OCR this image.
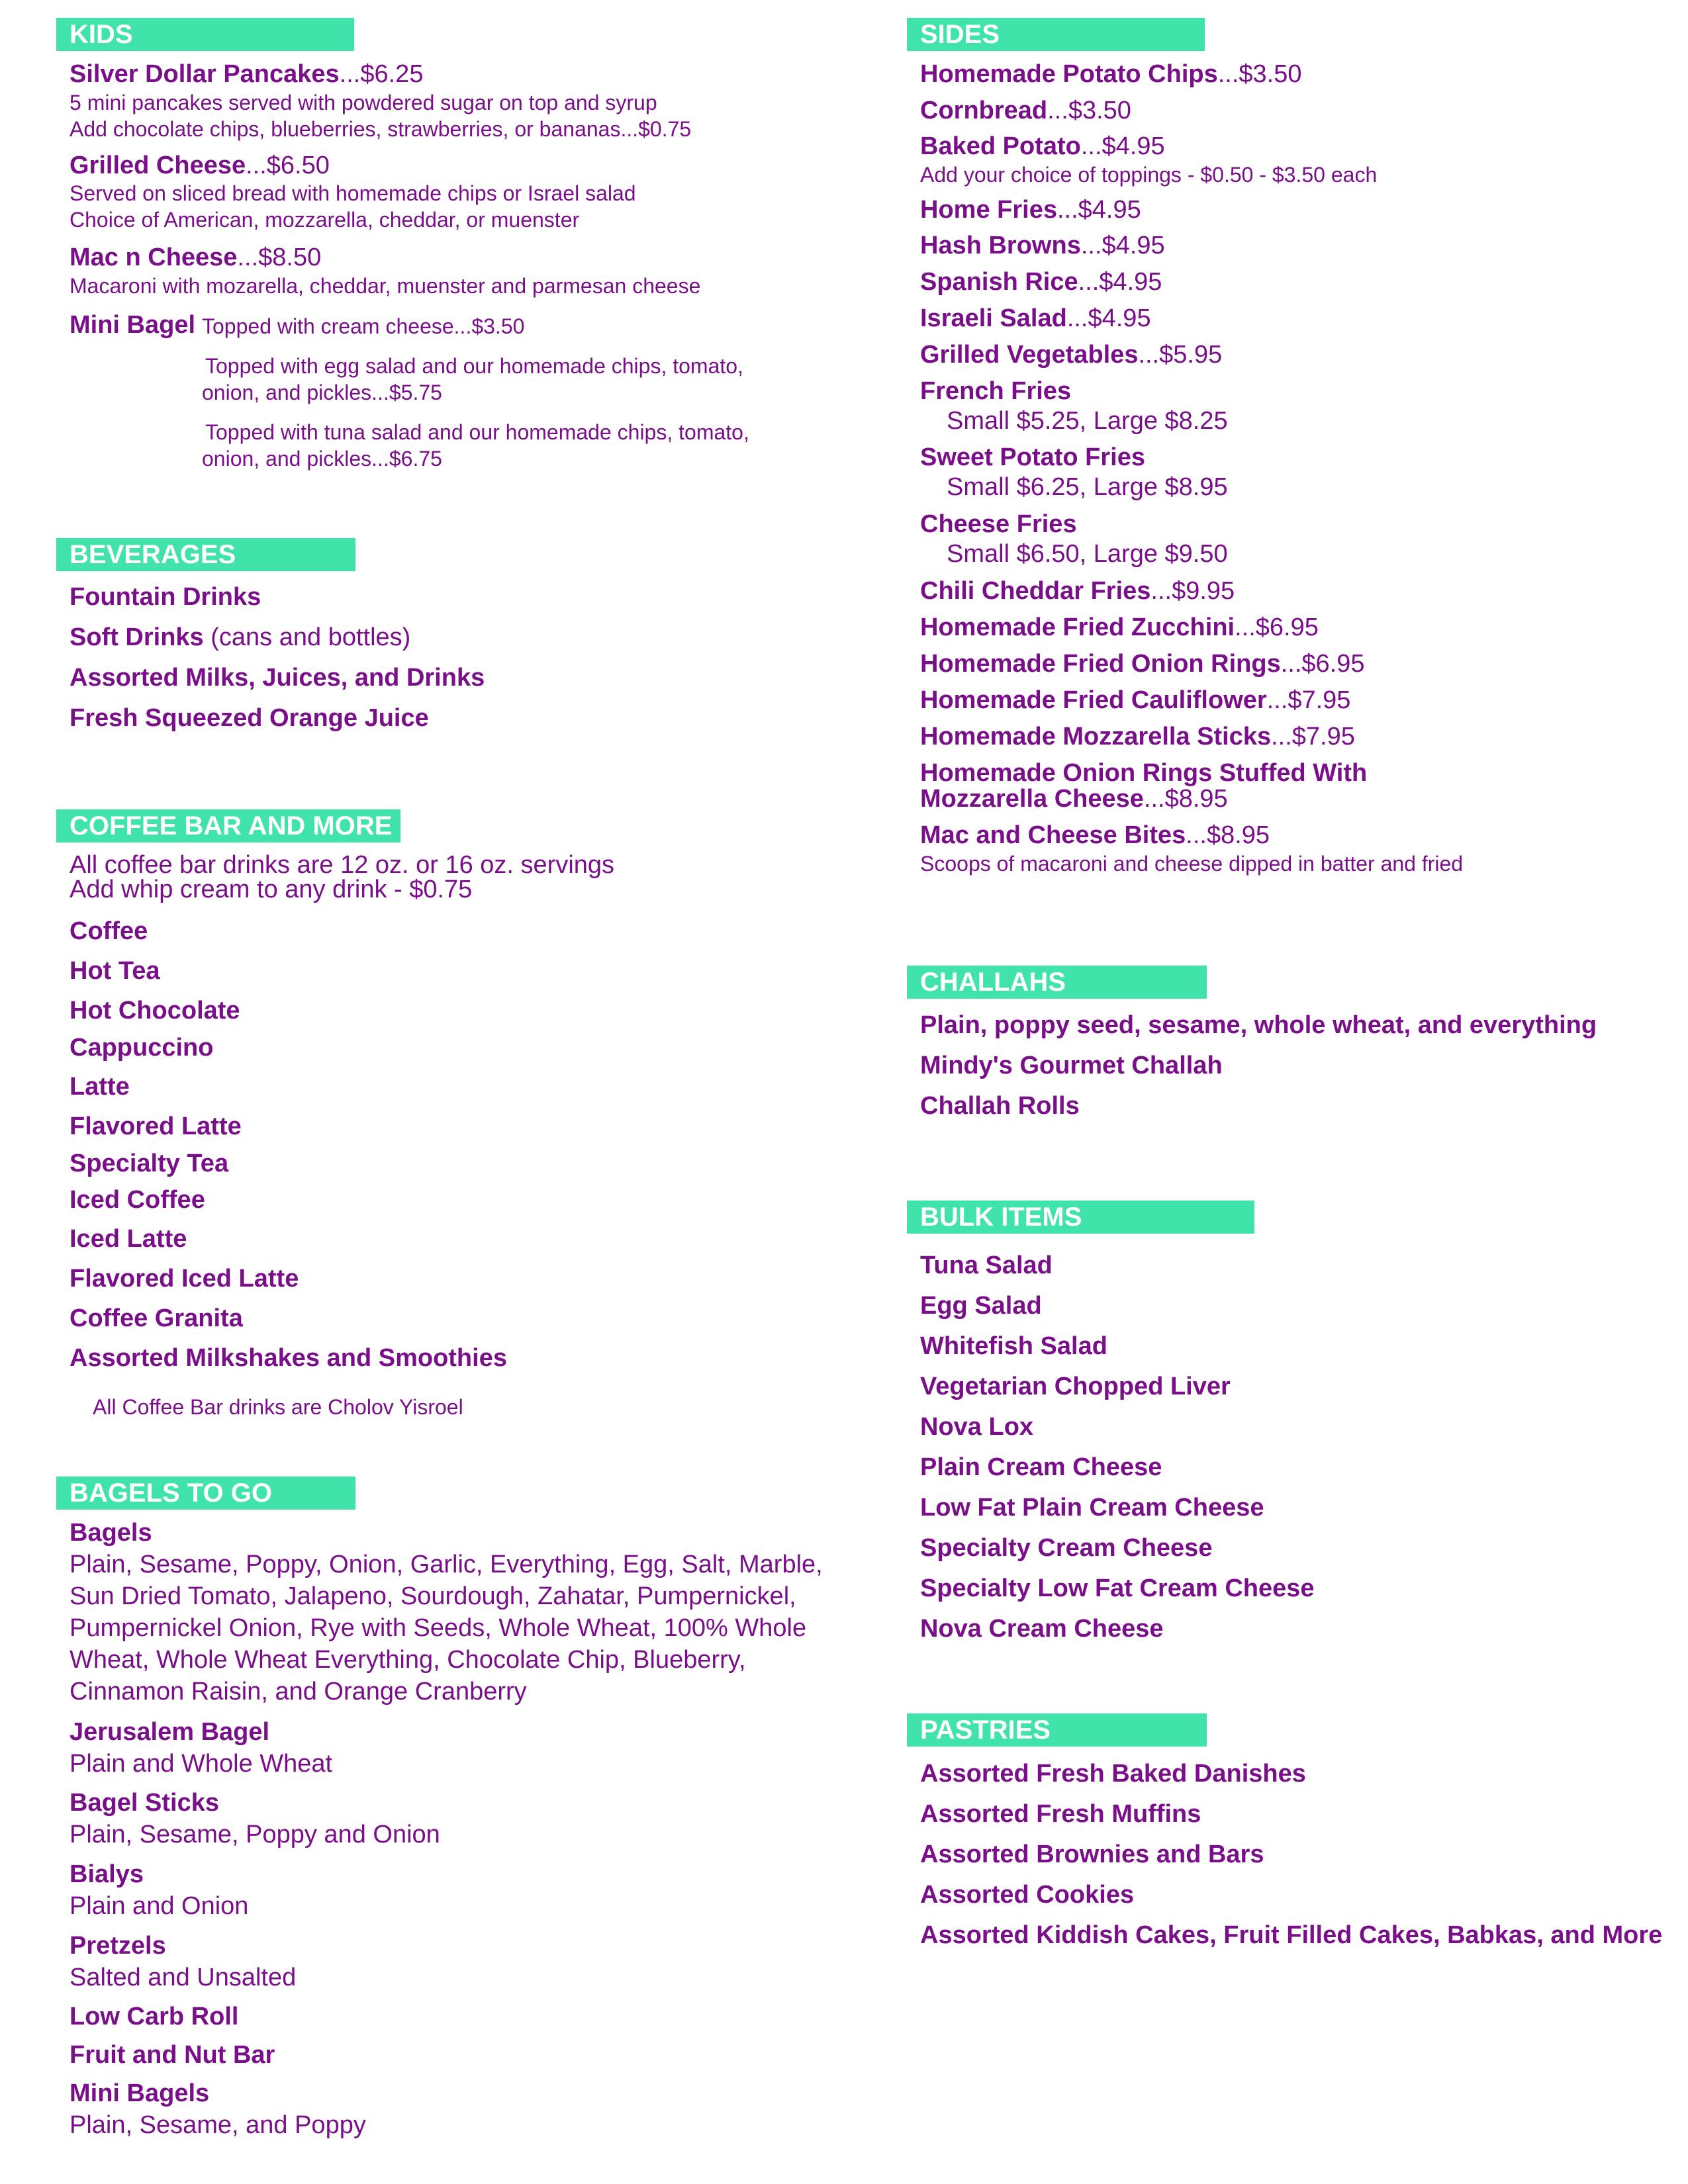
KIDS
Silver Dollar Pancakes...$6.25
5 mini pancakes served with powdered sugar on top and syrup
Add chocolate chips, blueberries, strawberries, or bananas...$0.75
Grilled Cheese...$6.50
Served on sliced bread with homemade chips or Israel salad
Choice of American, mozzarella, cheddar, or muenster
Mac n Cheese...$8.50
Macaroni with mozarella, cheddar, muenster and parmesan cheese
Mini Bagel Topped with cream cheese...$3.50
Topped with egg salad and our homemade chips, tomato,
onion, and pickles...$5.75
Topped with tuna salad and our homemade chips, tomato,
onion, and pickles...$6.75
BEVERAGES
Fountain Drinks
Soft Drinks (cans and bottles)
Assorted Milks, Juices, and Drinks
Fresh Squeezed Orange Juice
COFFEE BAR AND MORE
All coffee bar drinks are 12 oz. or 16 oz. servings
Add whip cream to any drink - $0.75
Coffee
Hot Tea
Hot Chocolate
Cappuccino
Latte
Flavored Latte
Specialty Tea
Iced Coffee
Iced Latte
Flavored Iced Latte
Coffee Granita
Assorted Milkshakes and Smoothies
All Coffee Bar drinks are Cholov Yisroel
BAGELS TO GO
Bagels
Plain, Sesame, Poppy, Onion, Garlic, Everything, Egg, Salt, Marble,
Sun Dried Tomato, Jalapeno, Sourdough, Zahatar, Pumpernickel,
Pumpernickel Onion, Rye with Seeds, Whole Wheat, 100% Whole
Wheat, Whole Wheat Everything, Chocolate Chip, Blueberry,
Cinnamon Raisin, and Orange Cranberry
Jerusalem Bagel
Plain and Whole Wheat
Bagel Sticks
Plain, Sesame, Poppy and Onion
Bialys
Plain and Onion
Pretzels
Salted and Unsalted
Low Carb Roll
Fruit and Nut Bar
Mini Bagels
Plain, Sesame, and Poppy
SIDES
Homemade Potato Chips...$3.50
Cornbread...$3.50
Baked Potato...$4.95
Add your choice of toppings - $0.50 - $3.50 each
Home Fries...$4.95
Hash Browns...$4.95
Spanish Rice...$4.95
Israeli Salad...$4.95
Grilled Vegetables...$5.95
French Fries
Small $5.25, Large $8.25
Sweet Potato Fries
Small $6.25, Large $8.95
Cheese Fries
Small $6.50, Large $9.50
Chili Cheddar Fries...$9.95
Homemade Fried Zucchini...$6.95
Homemade Fried Onion Rings...$6.95
Homemade Fried Cauliflower...$7.95
Homemade Mozzarella Sticks...$7.95
Homemade Onion Rings Stuffed With
Mozzarella Cheese...$8.95
Mac and Cheese Bites...$8.95
Scoops of macaroni and cheese dipped in batter and fried
CHALLAHS
Plain, poppy seed, sesame, whole wheat, and everything
Mindy's Gourmet Challah
Challah Rolls
BULK ITEMS
Tuna Salad
Egg Salad
Whitefish Salad
Vegetarian Chopped Liver
Nova Lox
Plain Cream Cheese
Low Fat Plain Cream Cheese
Specialty Cream Cheese
Specialty Low Fat Cream Cheese
Nova Cream Cheese
PASTRIES
Assorted Fresh Baked Danishes
Assorted Fresh Muffins
Assorted Brownies and Bars
Assorted Cookies
Assorted Kiddish Cakes, Fruit Filled Cakes, Babkas, and More
